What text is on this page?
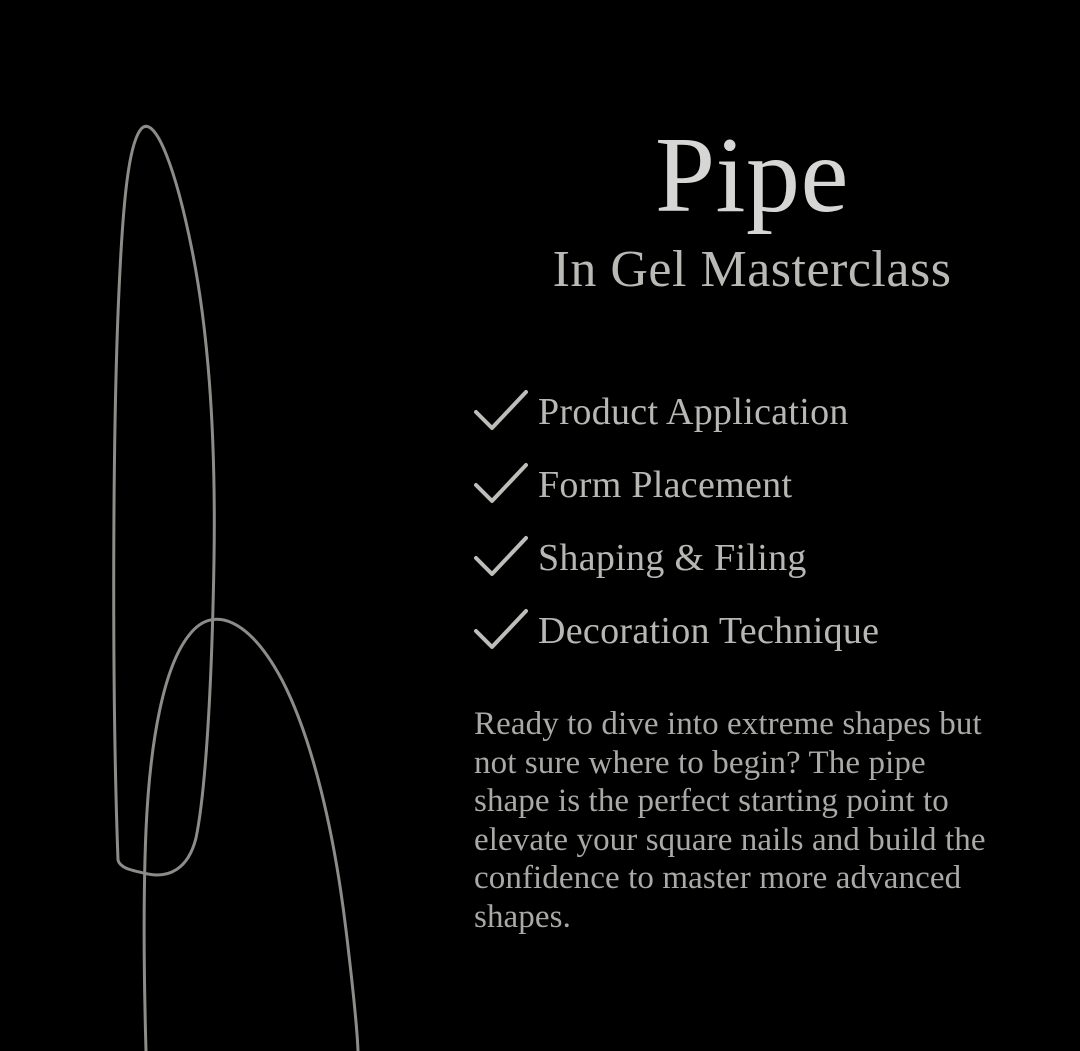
Pipe
In Gel Masterclass
Product Application
Form Placement
Shaping & Filing
Decoration Technique

Ready to dive into extreme shapes but not sure where to begin? The pipe shape is the perfect starting point to elevate your square nails and build the confidence to master more advanced shapes.
